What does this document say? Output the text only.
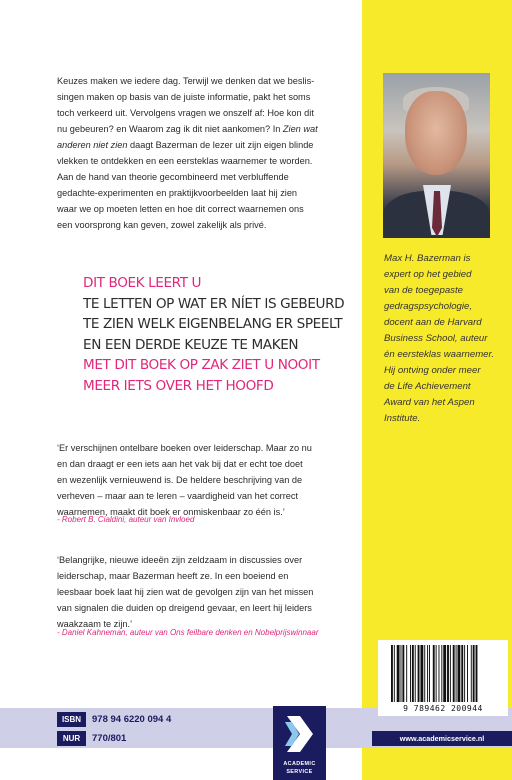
Max H. Bazerman is
expert op het gebied
van de toegepaste
gedragspsychologie,
docent aan de Harvard
Business School, auteur
én eersteklas waarnemer.
Hij ontving onder meer
de Life Achievement
Award van het Aspen
Institute.

Keuzes maken we iedere dag. Terwijl we denken dat we beslis-
singen maken op basis van de juiste informatie, pakt het soms
toch verkeerd uit. Vervolgens vragen we onszelf af: Hoe kon dit
nu gebeuren? en Waarom zag ik dit niet aankomen? In Zien wat
anderen niet zien daagt Bazerman de lezer uit zijn eigen blinde
vlekken te ontdekken en een eersteklas waarnemer te worden.
Aan de hand van theorie gecombineerd met verbluffende
gedachte-experimenten en praktijkvoorbeelden laat hij zien
waar we op moeten letten en hoe dit correct waarnemen ons
een voorsprong kan geven, zowel zakelijk als privé.

DIT BOEK LEERT U
TE LETTEN OP WAT ER NÍET IS GEBEURD
TE ZIEN WELK EIGENBELANG ER SPEELT
EN EEN DERDE KEUZE TE MAKEN
MET DIT BOEK OP ZAK ZIET U NOOIT
MEER IETS OVER HET HOOFD

‘Er verschijnen ontelbare boeken over leiderschap. Maar zo nu
en dan draagt er een iets aan het vak bij dat er echt toe doet
en wezenlijk vernieuwend is. De heldere beschrijving van de
verheven – maar aan te leren – vaardigheid van het correct
waarnemen, maakt dit boek er onmiskenbaar zo één is.’

- Robert B. Cialdini, auteur van Invloed

‘Belangrijke, nieuwe ideeën zijn zeldzaam in discussies over
leiderschap, maar Bazerman heeft ze. In een boeiend en
leesbaar boek laat hij zien wat de gevolgen zijn van het missen
van signalen die duiden op dreigend gevaar, en leert hij leiders
waakzaam te zijn.’

- Daniel Kahneman, auteur van Ons feilbare denken en Nobelprijswinnaar

9 789462 200944
ISBN	978 94 6220 094 4
NUR	770/801
ACADEMIC
SERVICE
www.academicservice.nl
